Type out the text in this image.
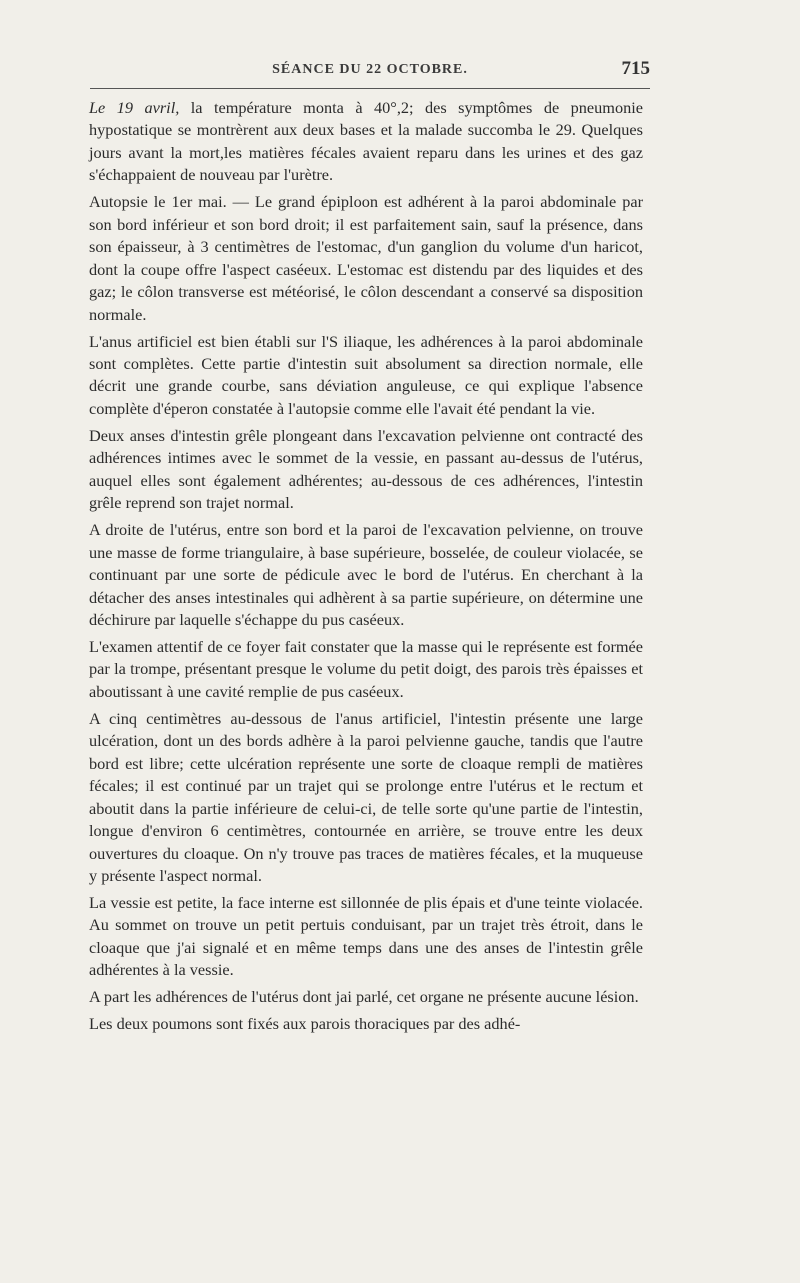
SÉANCE DU 22 OCTOBRE.	715

Le 19 avril, la température monta à 40°,2; des symptômes de pneumonie hypostatique se montrèrent aux deux bases et la malade succomba le 29. Quelques jours avant la mort,les matières fécales avaient reparu dans les urines et des gaz s'échappaient de nouveau par l'urètre.

Autopsie le 1er mai. — Le grand épiploon est adhérent à la paroi abdominale par son bord inférieur et son bord droit; il est parfaitement sain, sauf la présence, dans son épaisseur, à 3 centimètres de l'estomac, d'un ganglion du volume d'un haricot, dont la coupe offre l'aspect caséeux. L'estomac est distendu par des liquides et des gaz; le côlon transverse est météorisé, le côlon descendant a conservé sa disposition normale.

L'anus artificiel est bien établi sur l'S iliaque, les adhérences à la paroi abdominale sont complètes. Cette partie d'intestin suit absolument sa direction normale, elle décrit une grande courbe, sans déviation anguleuse, ce qui explique l'absence complète d'éperon constatée à l'autopsie comme elle l'avait été pendant la vie.

Deux anses d'intestin grêle plongeant dans l'excavation pelvienne ont contracté des adhérences intimes avec le sommet de la vessie, en passant au-dessus de l'utérus, auquel elles sont également adhérentes; au-dessous de ces adhérences, l'intestin grêle reprend son trajet normal.

A droite de l'utérus, entre son bord et la paroi de l'excavation pelvienne, on trouve une masse de forme triangulaire, à base supérieure, bosselée, de couleur violacée, se continuant par une sorte de pédicule avec le bord de l'utérus. En cherchant à la détacher des anses intestinales qui adhèrent à sa partie supérieure, on détermine une déchirure par laquelle s'échappe du pus caséeux.

L'examen attentif de ce foyer fait constater que la masse qui le représente est formée par la trompe, présentant presque le volume du petit doigt, des parois très épaisses et aboutissant à une cavité remplie de pus caséeux.

A cinq centimètres au-dessous de l'anus artificiel, l'intestin présente une large ulcération, dont un des bords adhère à la paroi pelvienne gauche, tandis que l'autre bord est libre; cette ulcération représente une sorte de cloaque rempli de matières fécales; il est continué par un trajet qui se prolonge entre l'utérus et le rectum et aboutit dans la partie inférieure de celui-ci, de telle sorte qu'une partie de l'intestin, longue d'environ 6 centimètres, contournée en arrière, se trouve entre les deux ouvertures du cloaque. On n'y trouve pas traces de matières fécales, et la muqueuse y présente l'aspect normal.

La vessie est petite, la face interne est sillonnée de plis épais et d'une teinte violacée. Au sommet on trouve un petit pertuis conduisant, par un trajet très étroit, dans le cloaque que j'ai signalé et en même temps dans une des anses de l'intestin grêle adhérentes à la vessie.

A part les adhérences de l'utérus dont jai parlé, cet organe ne présente aucune lésion.

Les deux poumons sont fixés aux parois thoraciques par des adhé-
